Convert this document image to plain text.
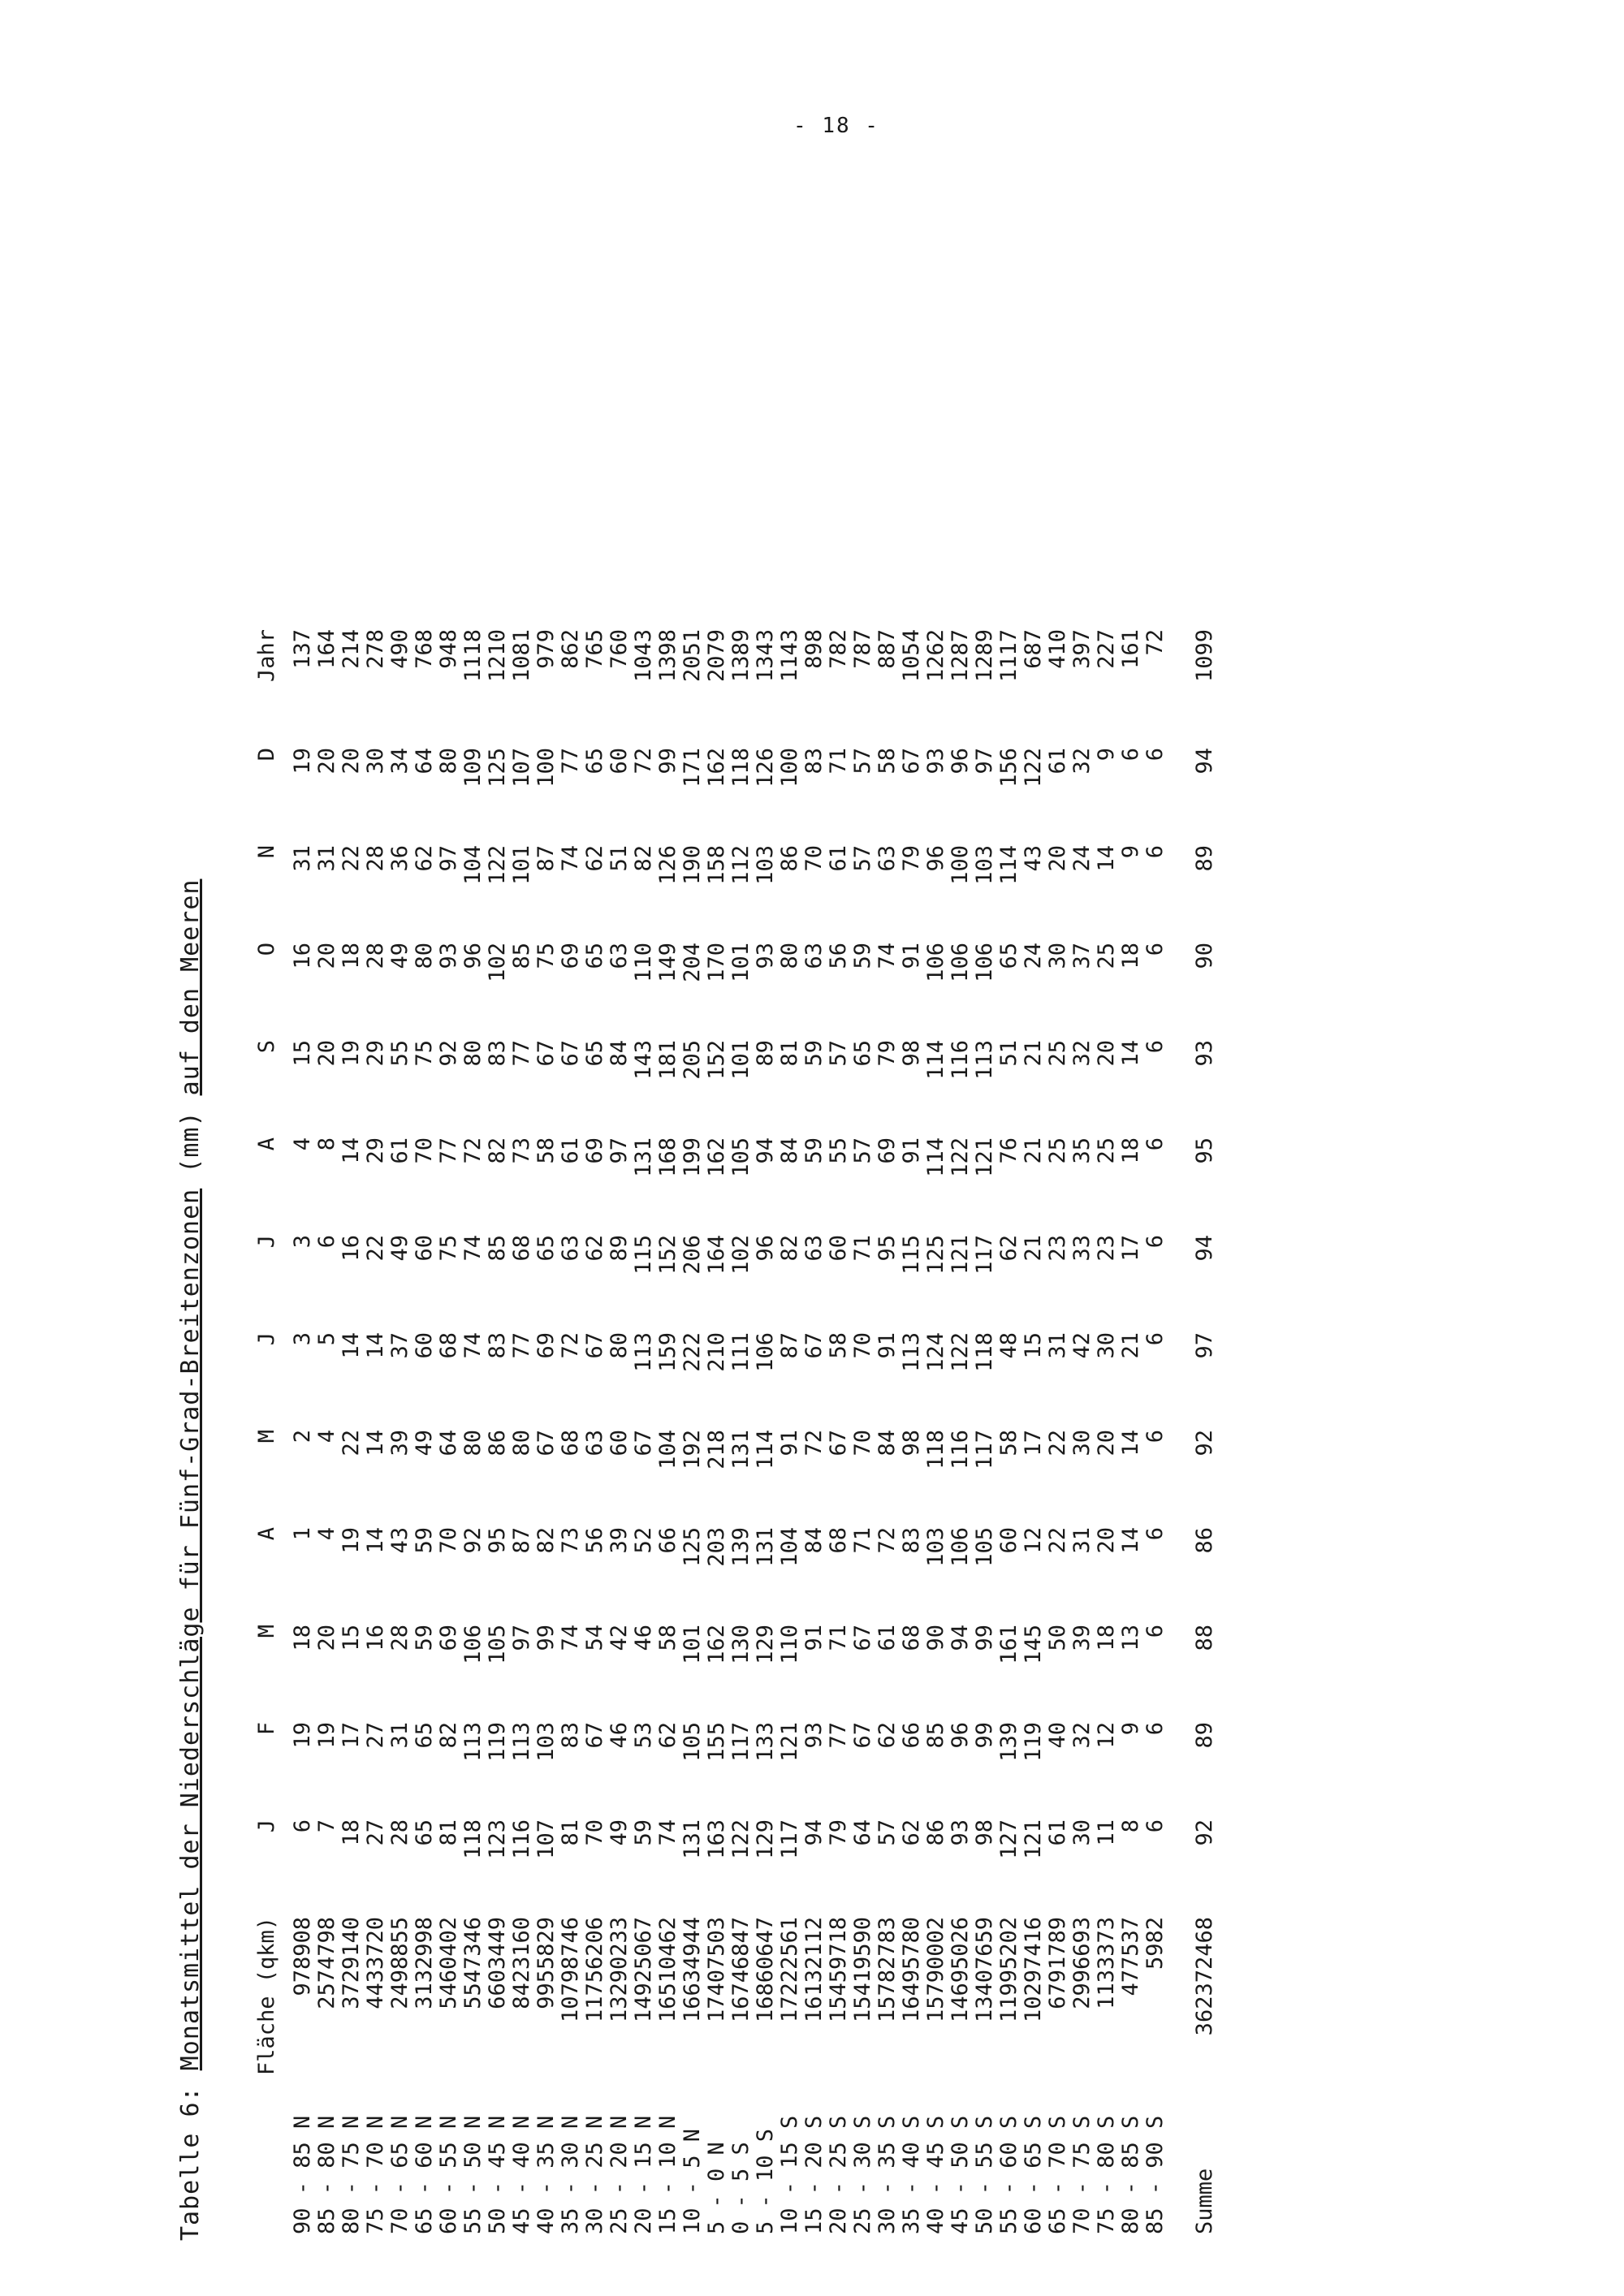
- 18 -
Tabelle 6: Monatsmittel der Niederschläge für Fünf-Grad-Breitenzonen (mm) auf den Meeren
	Fläche (qkm)	J	F	M	A	M	J	J	A	S	O	N	D	Jahr
90 - 85 N	978908	6	19	18	1	2	3	3	4	15	16	31	19	137
85 - 80 N	2574798	7	19	20	4	4	5	6	8	20	20	31	20	164
80 - 75 N	3729140	18	17	15	19	22	14	16	14	19	18	22	20	214
75 - 70 N	4433720	27	27	16	14	14	14	22	29	29	28	28	30	278
70 - 65 N	2498855	28	31	28	43	39	37	49	61	55	49	36	34	490
65 - 60 N	3132998	65	65	59	59	49	60	60	70	75	80	62	64	768
60 - 55 N	5460402	81	82	69	70	64	68	75	77	92	93	97	80	948
55 - 50 N	5547346	118	113	106	92	80	74	74	72	80	96	104	109	1118
50 - 45 N	6603449	123	119	105	95	86	83	85	82	83	102	122	125	1210
45 - 40 N	8423160	116	113	97	87	80	77	68	73	77	85	101	107	1081
40 - 35 N	9955829	107	103	99	82	67	69	65	58	67	75	87	100	979
35 - 30 N	10798746	81	83	74	73	68	72	63	61	67	69	74	77	862
30 - 25 N	11756206	70	67	54	56	63	67	62	69	65	65	62	65	765
25 - 20 N	13290233	49	46	42	39	60	80	89	97	84	63	51	60	760
20 - 15 N	14925067	59	53	46	52	67	113	115	131	143	110	82	72	1043
15 - 10 N	16510462	74	62	58	66	104	159	152	168	181	149	126	99	1398
10 - 5 N	16634944	131	105	101	125	192	222	206	199	205	204	190	171	2051
5 - 0 N	17407503	163	155	162	203	218	210	164	162	152	170	158	162	2079
0 - 5 S	16746847	122	117	130	139	131	111	102	105	101	101	112	118	1389
5 - 10 S	16860647	129	133	129	131	114	106	96	94	89	93	103	126	1343
10 - 15 S	17222561	117	121	110	104	91	87	82	84	81	80	86	100	1143
15 - 20 S	16132112	94	93	91	84	72	67	63	59	59	63	70	83	898
20 - 25 S	15459718	79	77	71	68	67	58	60	55	57	56	61	71	782
25 - 30 S	15419590	64	67	67	71	70	70	71	57	65	59	57	57	787
30 - 35 S	15782783	57	62	61	72	84	91	95	69	79	74	63	58	887
35 - 40 S	16495780	62	66	68	83	98	113	115	91	98	91	79	67	1054
40 - 45 S	15790002	86	85	90	103	118	124	125	114	114	106	96	93	1262
45 - 50 S	14695026	93	96	94	106	116	122	121	122	116	106	100	96	1287
50 - 55 S	13407659	98	99	99	105	117	118	117	121	113	106	103	97	1289
55 - 60 S	11995202	127	139	161	60	58	48	62	76	51	65	114	156	1117
60 - 65 S	10297416	121	119	145	12	17	15	21	21	21	24	43	122	687
65 - 70 S	6791789	61	40	50	22	22	31	23	25	25	30	20	61	410
70 - 75 S	2996693	30	32	39	31	30	42	33	35	32	37	24	32	397
75 - 80 S	1133373	11	12	18	20	20	30	23	25	20	25	14	9	227
80 - 85 S	477537	8	9	13	14	14	21	17	18	14	18	9	6	161
85 - 90 S	5982	6	6	6	6	6	6	6	6	6	6	6	6	72

Summe	362372468	92	89	88	86	92	97	94	95	93	90	89	94	1099
